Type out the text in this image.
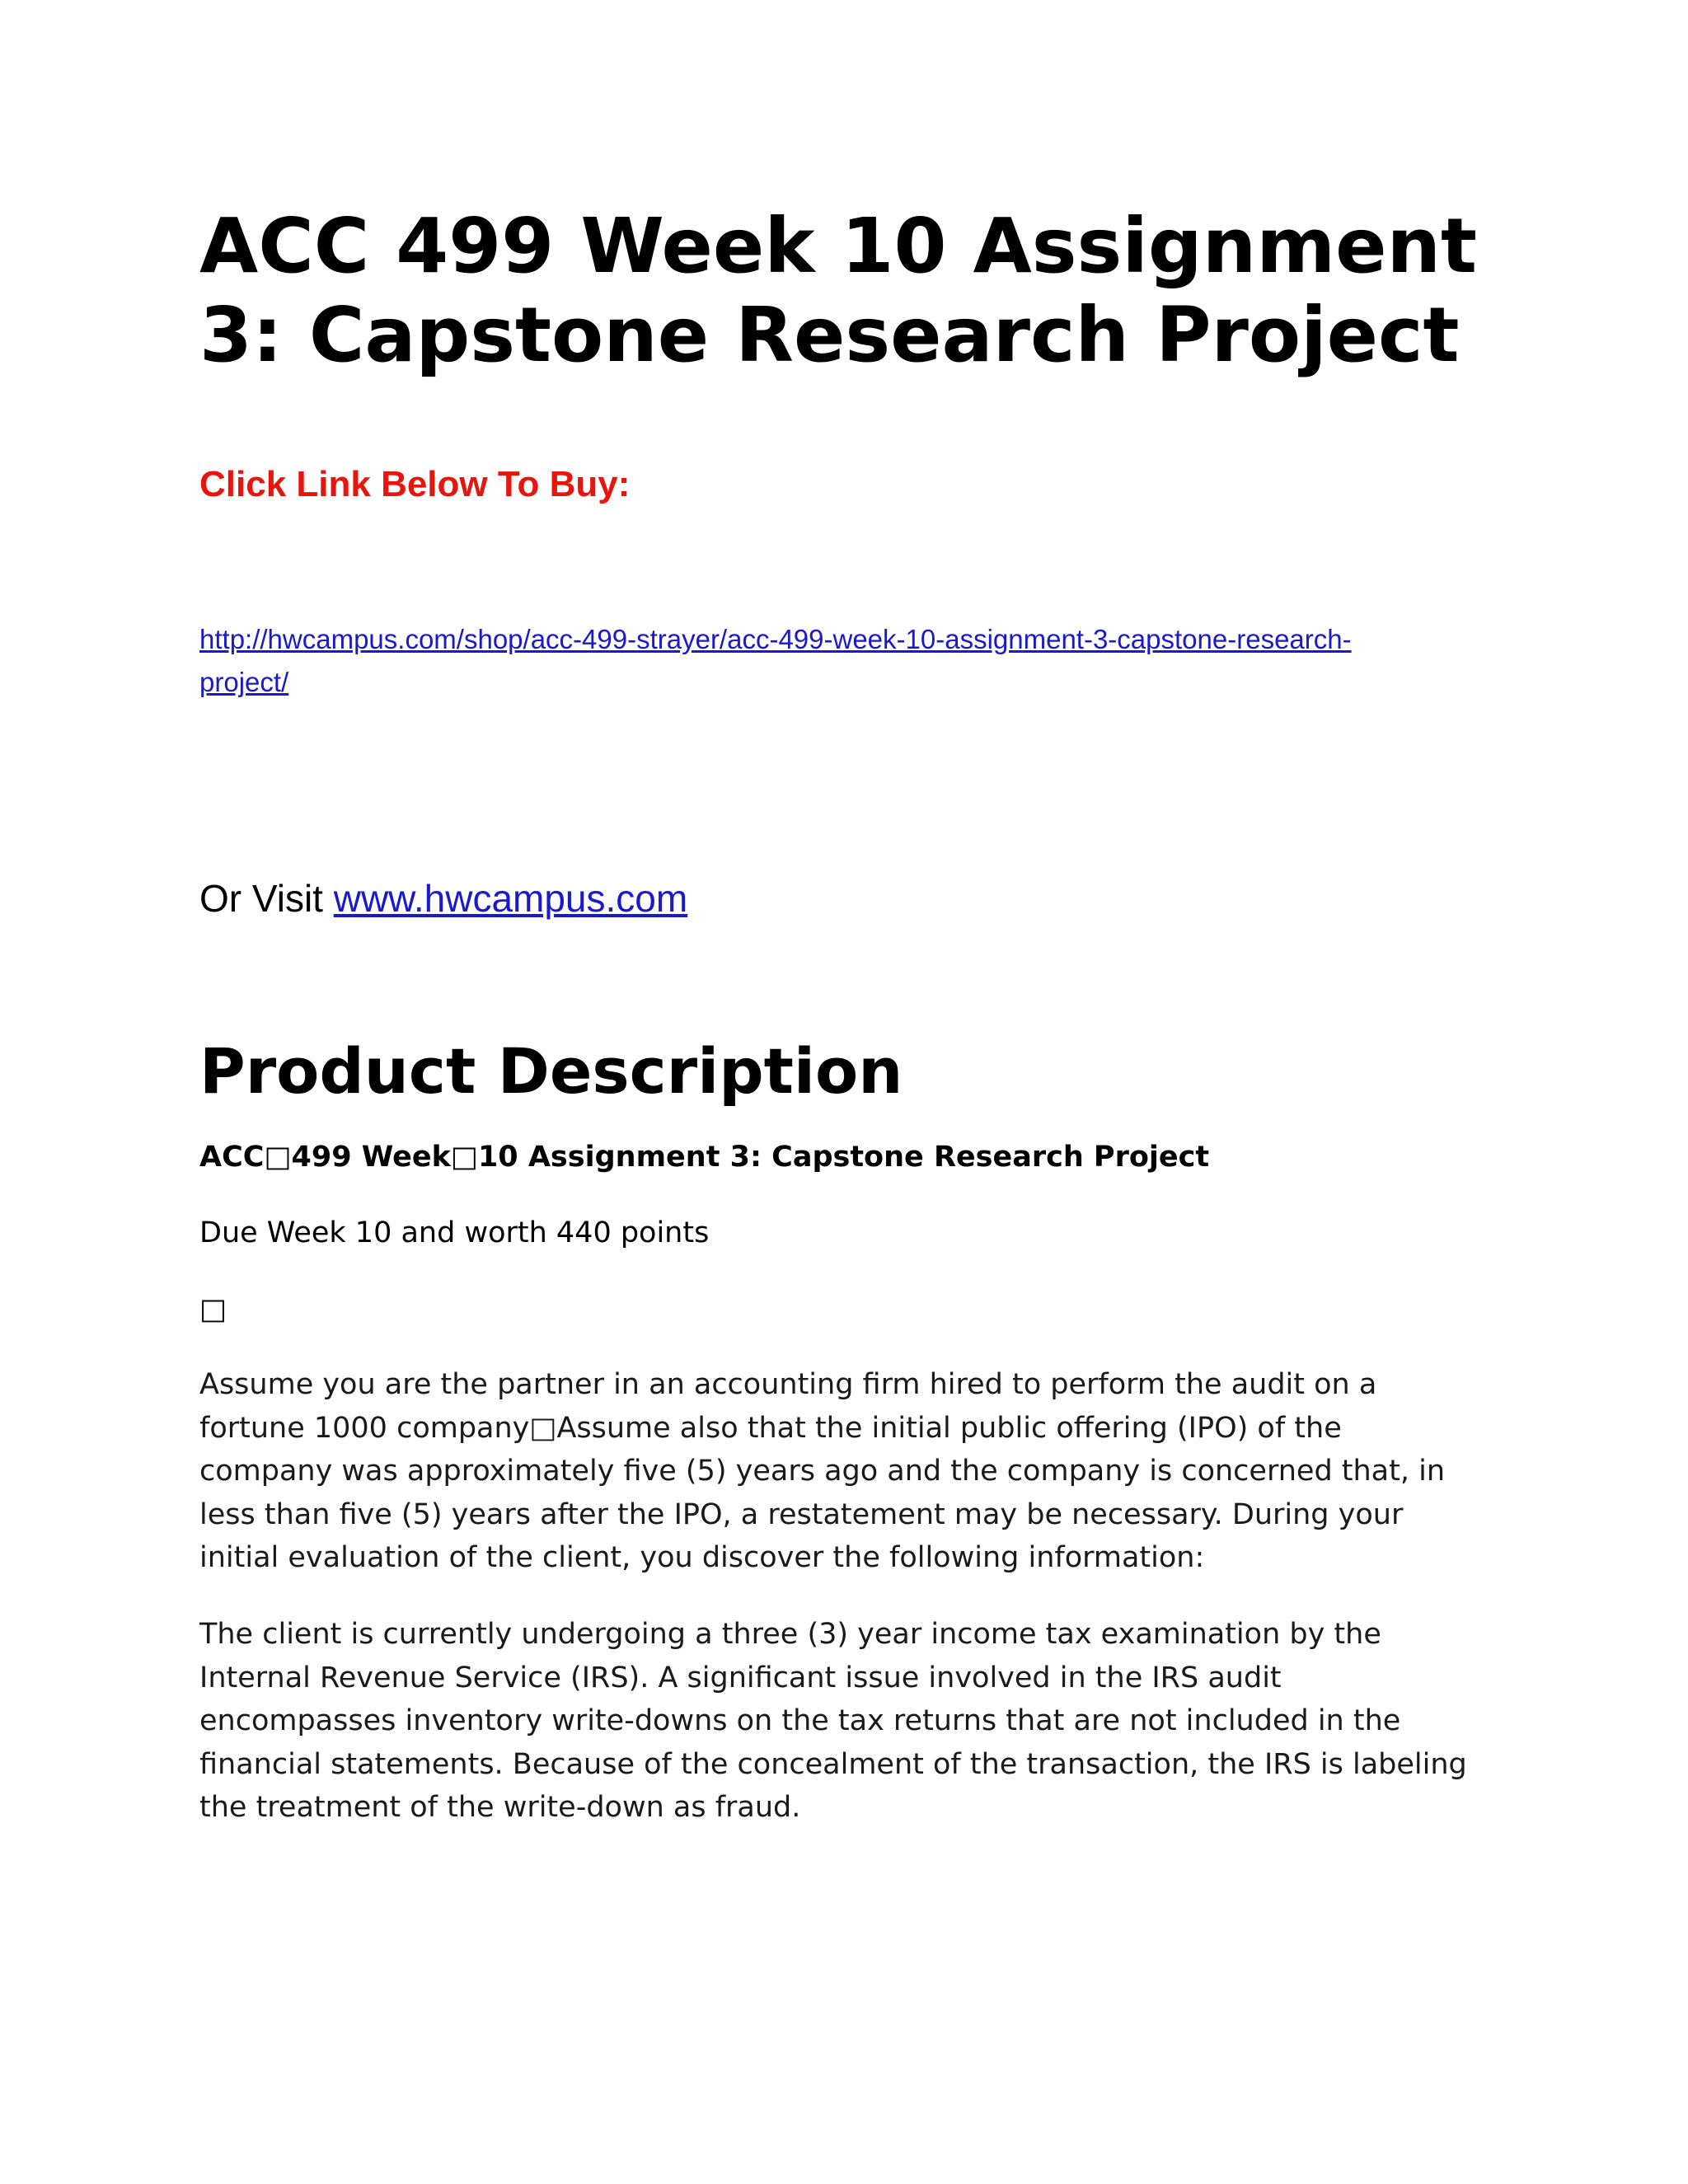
ACC 499 Week 10 Assignment
3: Capstone Research Project

Click Link Below To Buy:

http://hwcampus.com/shop/acc-499-strayer/acc-499-week-10-assignment-3-capstone-research-
project/

Or Visit www.hwcampus.com

Product Description

ACC□499 Week□10 Assignment 3: Capstone Research Project

Due Week 10 and worth 440 points

□

Assume you are the partner in an accounting firm hired to perform the audit on a
fortune 1000 company□Assume also that the initial public offering (IPO) of the
company was approximately five (5) years ago and the company is concerned that, in
less than five (5) years after the IPO, a restatement may be necessary. During your
initial evaluation of the client, you discover the following information:

The client is currently undergoing a three (3) year income tax examination by the
Internal Revenue Service (IRS). A significant issue involved in the IRS audit
encompasses inventory write-downs on the tax returns that are not included in the
financial statements. Because of the concealment of the transaction, the IRS is labeling
the treatment of the write-down as fraud.
